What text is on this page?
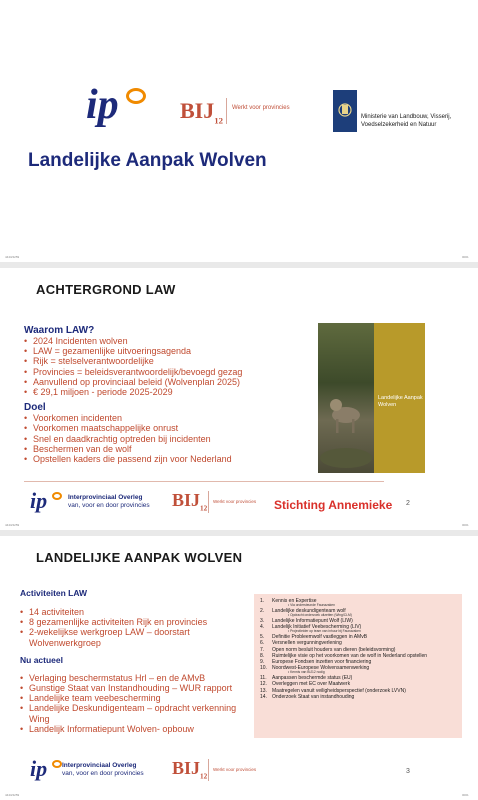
ip	$BIJ_{12}$
Werkt voor provincies
Ministerie van Landbouw, Visserij,
Voedselzekerheid en Natuur
Landelijke Aanpak Wolven
4443/4259	0001
ACHTERGROND LAW
Waarom LAW?
• 2024 Incidenten wolven
• LAW = gezamenlijke uitvoeringsagenda
• Rijk = stelselverantwoordelijke
• Provincies = beleidsverantwoordelijk/bevoegd gezag
• Aanvullend op provinciaal beleid (Wolvenplan 2025)
• € 29,1 miljoen - periode 2025-2029
Doel
• Voorkomen incidenten
• Voorkomen maatschappelijke onrust
• Snel en daadkrachtig optreden bij incidenten
• Beschermen van de wolf
• Opstellen kaders die passend zijn voor Nederland
Landelijke Aanpak
Wolven
ip	Interprovinciaal Overleg
van, voor en door provincies $BIJ_{12}$
Werkt voor provincies Stichting Annemieke 2
4443/4259	0001
LANDELIJKE AANPAK WOLVEN
Activiteiten LAW
• 14 activiteiten
• 8 gezamenlijke activiteiten Rijk en provincies
• 2-wekelijkse werkgroep LAW – doorstart Wolvenwerkgroep
Nu actueel
• Verlaging beschermstatus Hrl – en de AMvB
• Gunstige Staat van Instandhouding – WUR rapport
• Landelijke team veebescherming
• Landelijke Deskundigenteam – opdracht verkenning Wing
• Landelijk Informatiepunt Wolven- opbouw
1.	Kennis en Expertise
• Via ondersteunde Faunazaken
2.	Landelijke deskundigenteam wolf
• Opdracht onderzoek uitzetten (Wing/CLM)
3.	Landelijke Informatiepunt Wolf (LIW)
4.	Landelijk Initiatief Veebescherming (LIV)
• Projectleider op team van inhuur bij Faunazaken
5.	Definitie Probleemwolf vastleggen in AMvB
6.	Versnellen vergunningverlening
7.	Open norm besluit houders van dieren (beleidsvorming)
8.	Ruimtelijke visie op het voorkomen van de wolf in Nederland opstellen
9.	Europese Fondsen inzetten voor financiering
10.	Noordwest-Europese Wolvensamenwerking
• Kennis van BIJ12 nodig
11.	Aanpassen beschermde status (EU)
12.	Overleggen met EC over Maatwerk
13.	Maatregelen vanuit veiligheidsperspectief (onderzoek LVVN)
14.	Onderzoek Staat van instandhouding
ip Interprovinciaal Overleg
van, voor en door provincies $BIJ_{12}$
Werkt voor provincies	3
4443/4259	0001
